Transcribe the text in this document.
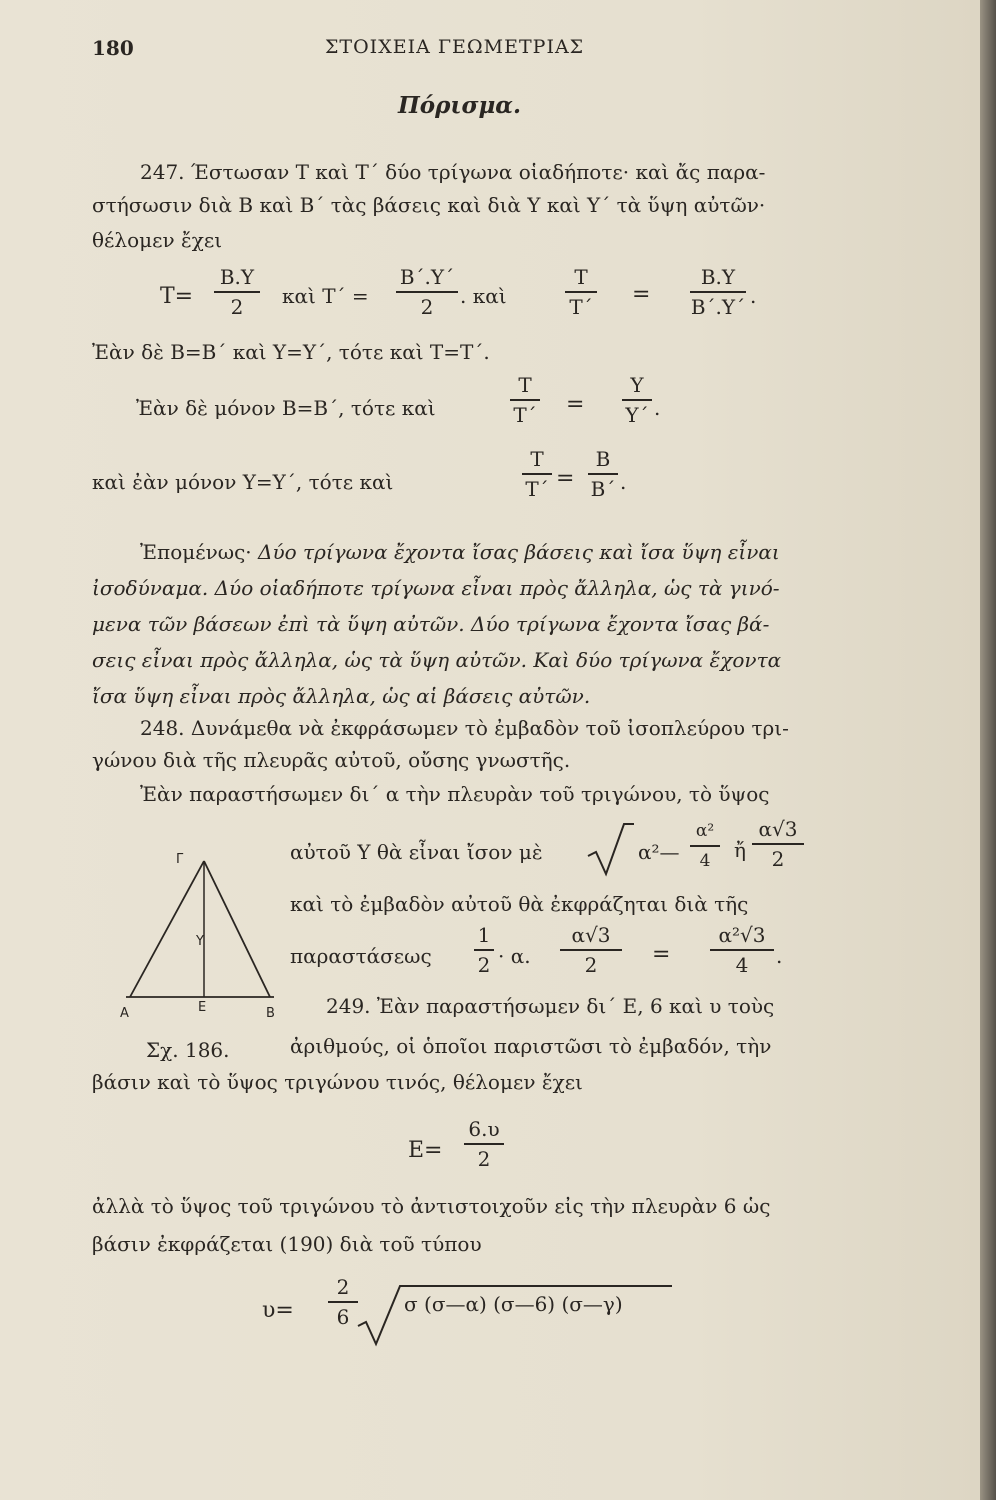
180	ΣΤΟΙΧΕΙΑ ΓΕΩΜΕΤΡΙΑΣ
Πόρισμα.
247. Έστωσαν Τ καὶ Τ΄ δύο τρίγωνα οἱαδήποτε· καὶ ἄς παρα-
στήσωσιν διὰ Β καὶ Β΄ τὰς βάσεις καὶ διὰ Υ καὶ Υ΄ τὰ ὕψη αὐτῶν·
θέλομεν ἔχει
Τ=
Β.Υ
2 καὶ Τ΄ =
Β΄.Υ΄
2 . καὶ
Τ
Τ΄ =
Β.Υ
Β΄.Υ΄ .
Ἐὰν δὲ Β=Β΄ καὶ Υ=Υ΄, τότε καὶ Τ=Τ΄.
Ἐὰν δὲ μόνον Β=Β΄, τότε καὶ
Τ
Τ΄ =
Υ
Υ΄ .
καὶ ἐὰν μόνον Υ=Υ΄, τότε καὶ
Τ
Τ΄ =
Β
Β΄ .
Ἐπομένως· Δύο τρίγωνα ἔχοντα ἴσας βάσεις καὶ ἴσα ὕψη εἶναι
ἰσοδύναμα. Δύο οἱαδήποτε τρίγωνα εἶναι πρὸς ἄλληλα, ὡς τὰ γινό-
μενα τῶν βάσεων ἐπὶ τὰ ὕψη αὐτῶν. Δύο τρίγωνα ἔχοντα ἴσας βά-
σεις εἶναι πρὸς ἄλληλα, ὡς τὰ ὕψη αὐτῶν. Καὶ δύο τρίγωνα ἔχοντα
ἴσα ὕψη εἶναι πρὸς ἄλληλα, ὡς αἱ βάσεις αὐτῶν.
248. Δυνάμεθα νὰ ἐκφράσωμεν τὸ ἐμβαδὸν τοῦ ἰσοπλεύρου τρι-
γώνου διὰ τῆς πλευρᾶς αὐτοῦ, οὔσης γνωστῆς.
Ἐὰν παραστήσωμεν δι΄ α τὴν πλευρὰν τοῦ τριγώνου, τὸ ὕψος
αὐτοῦ Υ θὰ εἶναι ἴσον μὲ	α²—
α²
4 ἤ
α√3
2
καὶ τὸ ἐμβαδὸν αὐτοῦ θὰ ἐκφράζηται διὰ τῆς
παραστάσεως
1
2 · α.
α√3
2 =
α²√3
4 .
Γ
Υ
Α	Ε	Β
Σχ. 186.
249. Ἐὰν παραστήσωμεν δι΄ Ε, 6 καὶ υ τοὺς
ἀριθμούς, οἱ ὁποῖοι παριστῶσι τὸ ἐμβαδόν, τὴν
βάσιν καὶ τὸ ὕψος τριγώνου τινός, θέλομεν ἔχει
Ε=
6.υ
2
ἀλλὰ τὸ ὕψος τοῦ τριγώνου τὸ ἀντιστοιχοῦν εἰς τὴν πλευρὰν 6 ὡς
βάσιν ἐκφράζεται (190) διὰ τοῦ τύπου
υ=
2
6
σ (σ—α) (σ—6) (σ—γ)
